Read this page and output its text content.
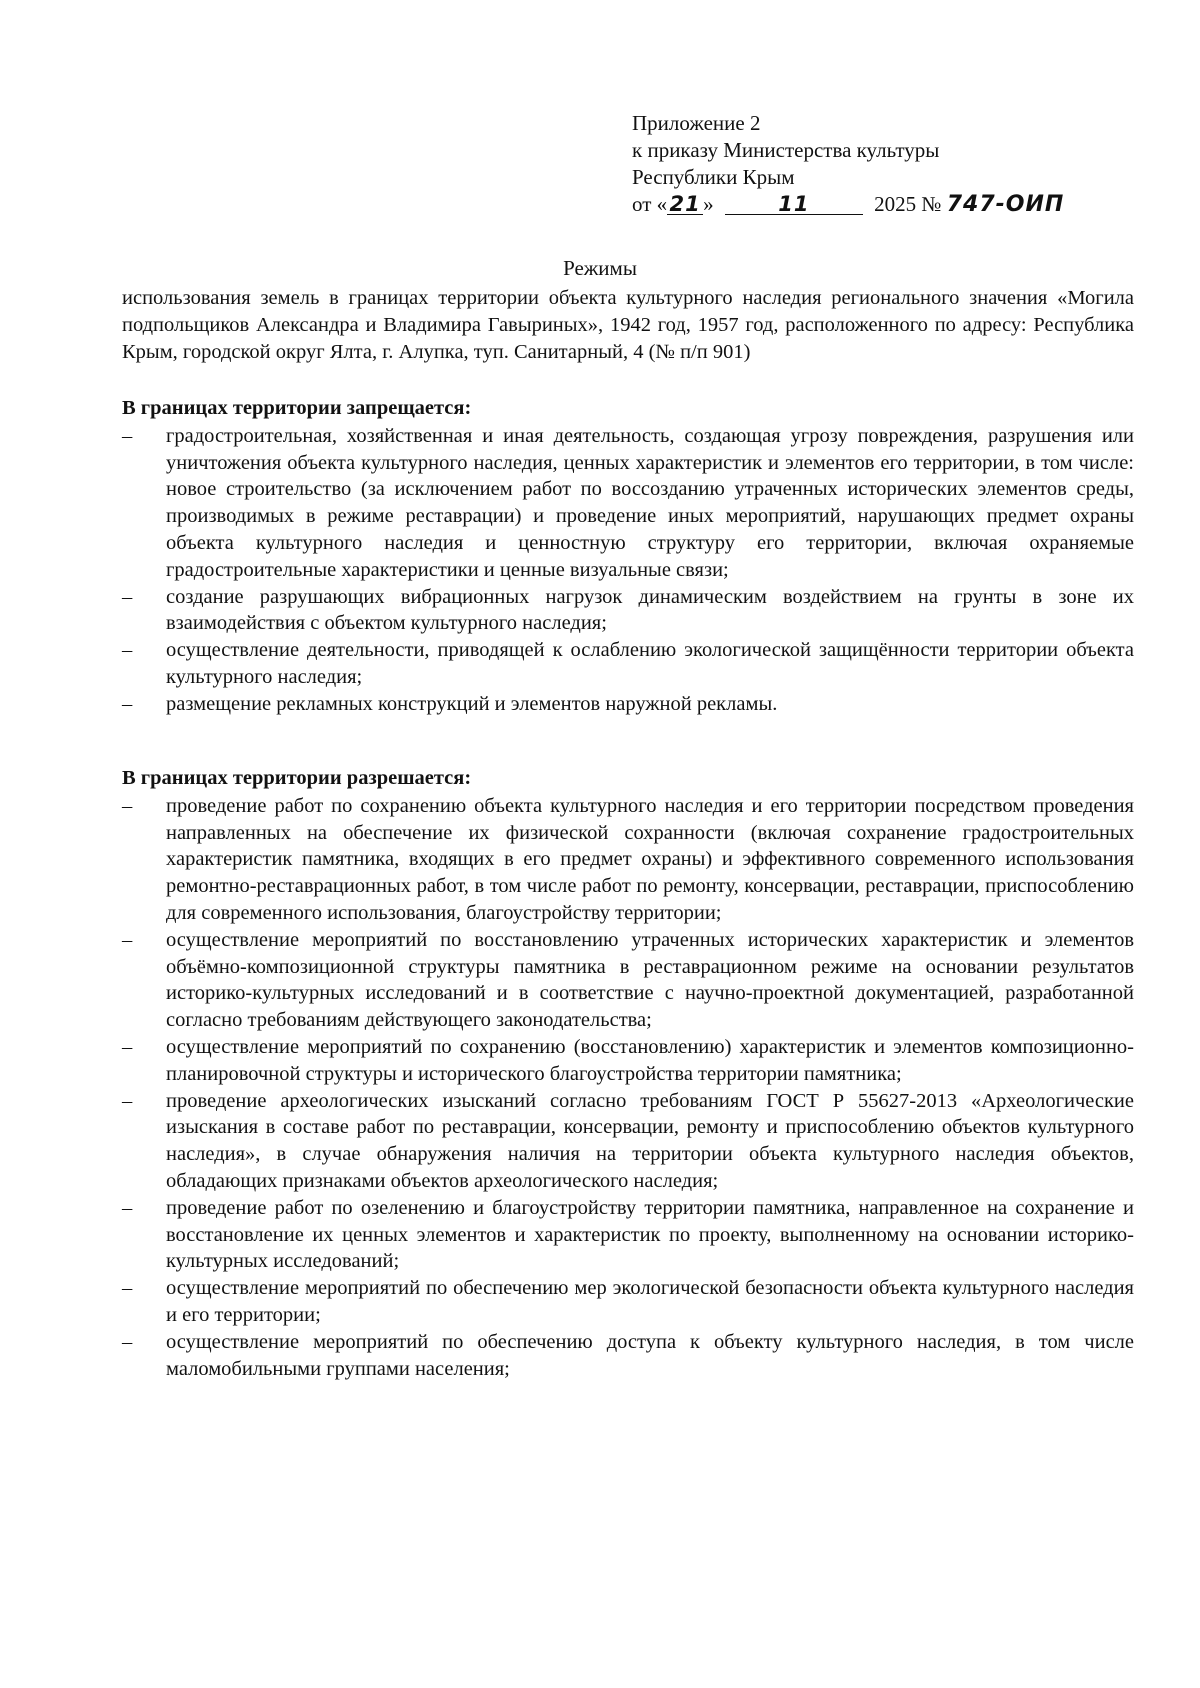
Приложение 2
к приказу Министерства культуры
Республики Крым
от « 21 »	11	2025 № 747-ОИП
Режимы
использования земель в границах территории объекта культурного наследия регионального значения «Могила подпольщиков Александра и Владимира Гавыриных», 1942 год, 1957 год, расположенного по адресу: Республика Крым, городской округ Ялта, г. Алупка, туп. Санитарный, 4 (№ п/п 901)
В границах территории запрещается:
– градостроительная, хозяйственная и иная деятельность, создающая угрозу повреждения, разрушения или уничтожения объекта культурного наследия, ценных характеристик и элементов его территории, в том числе: новое строительство (за исключением работ по воссозданию утраченных исторических элементов среды, производимых в режиме реставрации) и проведение иных мероприятий, нарушающих предмет охраны объекта культурного наследия и ценностную структуру его территории, включая охраняемые градостроительные характеристики и ценные визуальные связи;
– создание разрушающих вибрационных нагрузок динамическим воздействием на грунты в зоне их взаимодействия с объектом культурного наследия;
– осуществление деятельности, приводящей к ослаблению экологической защищённости территории объекта культурного наследия;
– размещение рекламных конструкций и элементов наружной рекламы.
В границах территории разрешается:
– проведение работ по сохранению объекта культурного наследия и его территории посредством проведения направленных на обеспечение их физической сохранности (включая сохранение градостроительных характеристик памятника, входящих в его предмет охраны) и эффективного современного использования ремонтно-реставрационных работ, в том числе работ по ремонту, консервации, реставрации, приспособлению для современного использования, благоустройству территории;
– осуществление мероприятий по восстановлению утраченных исторических характеристик и элементов объёмно-композиционной структуры памятника в реставрационном режиме на основании результатов историко-культурных исследований и в соответствие с научно-проектной документацией, разработанной согласно требованиям действующего законодательства;
– осуществление мероприятий по сохранению (восстановлению) характеристик и элементов композиционно-планировочной структуры и исторического благоустройства территории памятника;
– проведение археологических изысканий согласно требованиям ГОСТ Р 55627-2013 «Археологические изыскания в составе работ по реставрации, консервации, ремонту и приспособлению объектов культурного наследия», в случае обнаружения наличия на территории объекта культурного наследия объектов, обладающих признаками объектов археологического наследия;
– проведение работ по озеленению и благоустройству территории памятника, направленное на сохранение и восстановление их ценных элементов и характеристик по проекту, выполненному на основании историко-культурных исследований;
– осуществление мероприятий по обеспечению мер экологической безопасности объекта культурного наследия и его территории;
– осуществление мероприятий по обеспечению доступа к объекту культурного наследия, в том числе маломобильными группами населения;
